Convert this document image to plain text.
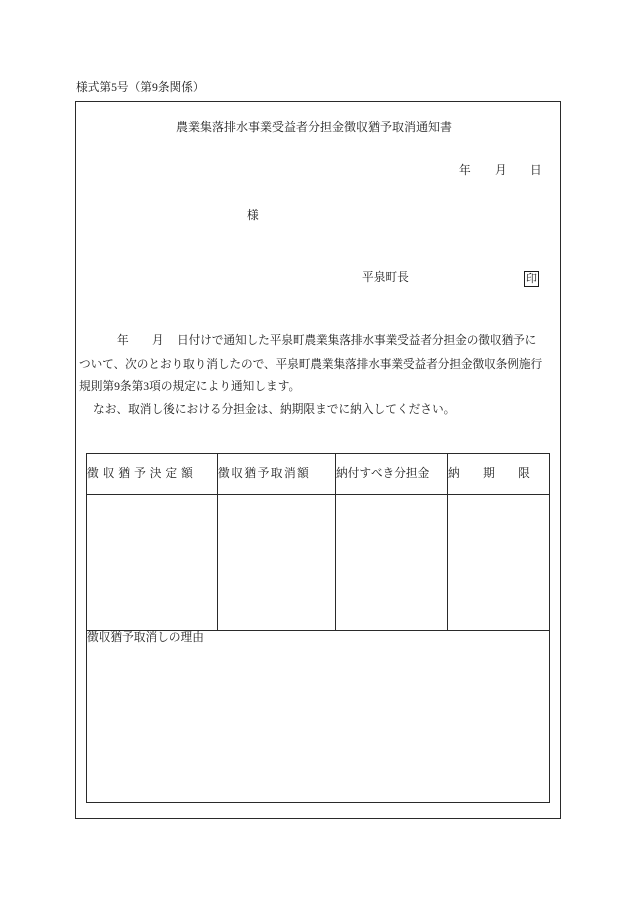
様式第5号（第9条関係）
農業集落排水事業受益者分担金徴収猶予取消通知書
年 月 日
様
平泉町長	印
年 月 日付けで通知した平泉町農業集落排水事業受益者分担金の徴収猶予に
ついて、次のとおり取り消したので、平泉町農業集落排水事業受益者分担金徴収条例施行
規則第9条第3項の規定により通知します。
なお、取消し後における分担金は、納期限までに納入してください。
徴収猶予決定額	徴収猶予取消額	納付すべき分担金	納　　期　　限

徴収猶予取消しの理由			
